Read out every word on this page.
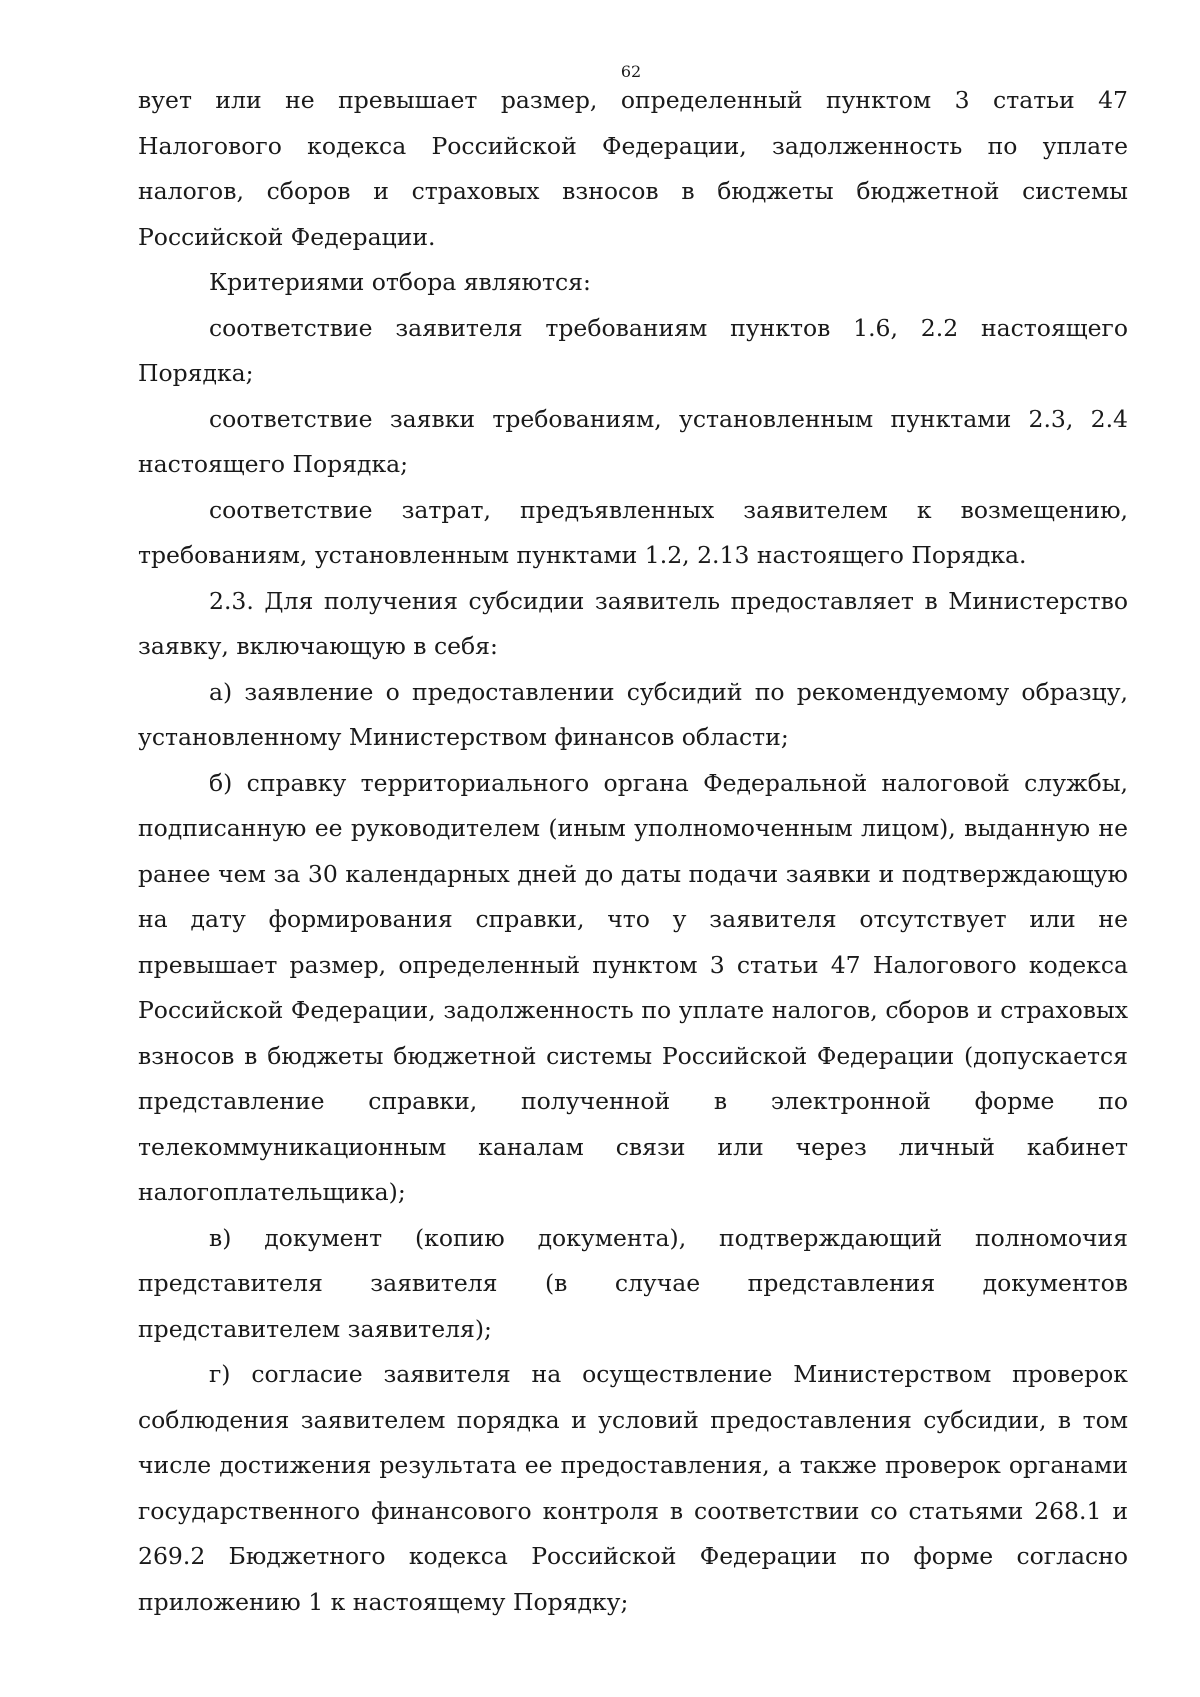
62

вует или не превышает размер, определенный пунктом 3 статьи 47 Налогового кодекса Российской Федерации, задолженность по уплате налогов, сборов и страховых взносов в бюджеты бюджетной системы Российской Федерации.

Критериями отбора являются:

соответствие заявителя требованиям пунктов 1.6, 2.2 настоящего Порядка;

соответствие заявки требованиям, установленным пунктами 2.3, 2.4 настоящего Порядка;

соответствие затрат, предъявленных заявителем к возмещению, требованиям, установленным пунктами 1.2, 2.13 настоящего Порядка.

2.3. Для получения субсидии заявитель предоставляет в Министерство заявку, включающую в себя:

а) заявление о предоставлении субсидий по рекомендуемому образцу, установленному Министерством финансов области;

б) справку территориального органа Федеральной налоговой службы, подписанную ее руководителем (иным уполномоченным лицом), выданную не ранее чем за 30 календарных дней до даты подачи заявки и подтверждающую на дату формирования справки, что у заявителя отсутствует или не превышает размер, определенный пунктом 3 статьи 47 Налогового кодекса Российской Федерации, задолженность по уплате налогов, сборов и страховых взносов в бюджеты бюджетной системы Российской Федерации (допускается представление справки, полученной в электронной форме по телекоммуникационным каналам связи или через личный кабинет налогоплательщика);

в) документ (копию документа), подтверждающий полномочия представителя заявителя (в случае представления документов представителем заявителя);

г) согласие заявителя на осуществление Министерством проверок соблюдения заявителем порядка и условий предоставления субсидии, в том числе достижения результата ее предоставления, а также проверок органами государственного финансового контроля в соответствии со статьями 268.1 и 269.2 Бюджетного кодекса Российской Федерации по форме согласно приложению 1 к настоящему Порядку;
